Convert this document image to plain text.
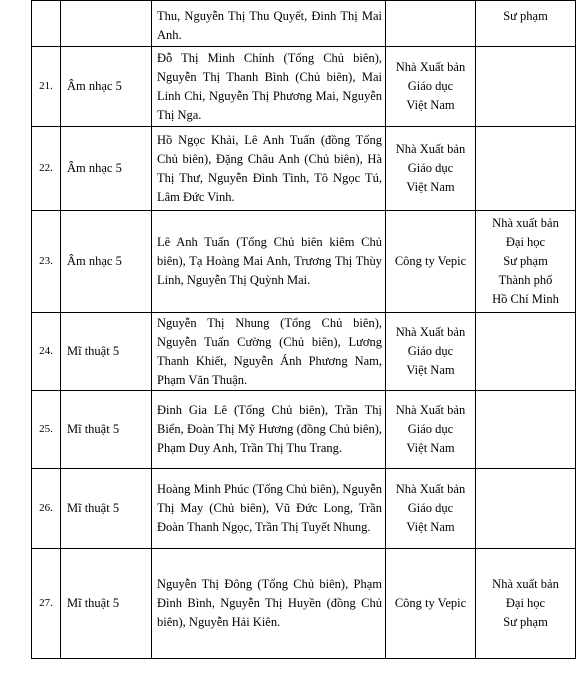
		Thu, Nguyễn Thị Thu Quyết, Đinh Thị Mai Anh.		Sư phạm

21.	Âm nhạc 5	Đỗ Thị Minh Chính (Tổng Chủ biên), Nguyễn Thị Thanh Bình (Chủ biên), Mai Linh Chi, Nguyễn Thị Phương Mai, Nguyễn Thị Nga.	Nhà Xuất bản
Giáo dục
Việt Nam	

22.	Âm nhạc 5	Hồ Ngọc Khải, Lê Anh Tuấn (đồng Tổng Chủ biên), Đặng Châu Anh (Chủ biên), Hà Thị Thư, Nguyễn Đình Tình, Tô Ngọc Tú, Lâm Đức Vinh.	Nhà Xuất bản
Giáo dục
Việt Nam	

23.	Âm nhạc 5	Lê Anh Tuấn (Tổng Chủ biên kiêm Chủ biên), Tạ Hoàng Mai Anh, Trương Thị Thùy Linh, Nguyễn Thị Quỳnh Mai.	Công ty Vepic	Nhà xuất bản
Đại học
Sư phạm
Thành phố
Hồ Chí Minh

24.	Mĩ thuật 5	Nguyễn Thị Nhung (Tổng Chủ biên), Nguyễn Tuấn Cường (Chủ biên), Lương Thanh Khiết, Nguyễn Ánh Phương Nam, Phạm Văn Thuận.	Nhà Xuất bản
Giáo dục
Việt Nam	

25.	Mĩ thuật 5	Đinh Gia Lê (Tổng Chủ biên), Trần Thị Biển, Đoàn Thị Mỹ Hương (đồng Chủ biên), Phạm Duy Anh, Trần Thị Thu Trang.	Nhà Xuất bản
Giáo dục
Việt Nam	

26.	Mĩ thuật 5	Hoàng Minh Phúc (Tổng Chủ biên), Nguyễn Thị May (Chủ biên), Vũ Đức Long, Trần Đoàn Thanh Ngọc, Trần Thị Tuyết Nhung.	Nhà Xuất bản
Giáo dục
Việt Nam	

27.	Mĩ thuật 5	Nguyễn Thị Đông (Tổng Chủ biên), Phạm Đình Bình, Nguyễn Thị Huyền (đồng Chủ biên), Nguyễn Hải Kiên.	Công ty Vepic	Nhà xuất bản
Đại học
Sư phạm
